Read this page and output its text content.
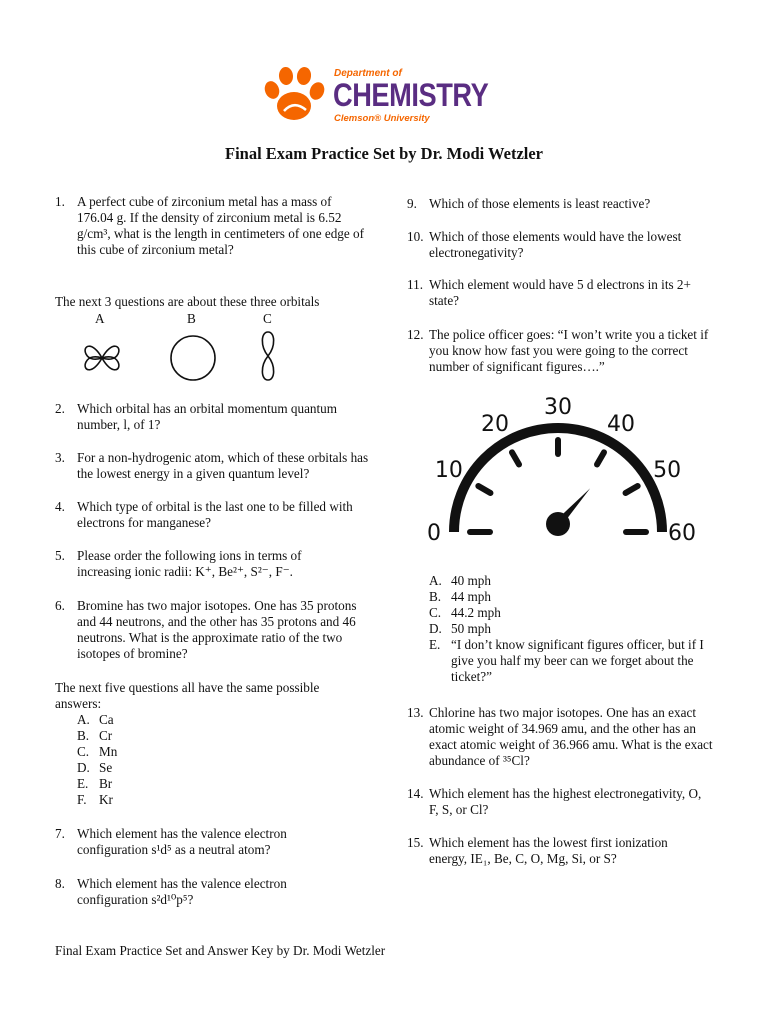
Department of
CHEMISTRY
Clemson® University
Final Exam Practice Set by Dr. Modi Wetzler
1. A perfect cube of zirconium metal has a mass of 176.04 g. If the density of zirconium metal is 6.52 g/cm³, what is the length in centimeters of one edge of this cube of zirconium metal?
The next 3 questions are about these three orbitals
A	B	C
2. Which orbital has an orbital momentum quantum number, l, of 1?
3. For a non-hydrogenic atom, which of these orbitals has the lowest energy in a given quantum level?
4. Which type of orbital is the last one to be filled with electrons for manganese?
5. Please order the following ions in terms of increasing ionic radii: K⁺, Be²⁺, S²⁻, F⁻.
6. Bromine has two major isotopes. One has 35 protons and 44 neutrons, and the other has 35 protons and 46 neutrons. What is the approximate ratio of the two isotopes of bromine?
The next five questions all have the same possible answers:
A. Ca
B. Cr
C. Mn
D. Se
E. Br
F. Kr
7. Which element has the valence electron configuration s¹d⁵ as a neutral atom?
8. Which element has the valence electron configuration s²d¹⁰p⁵?
9. Which of those elements is least reactive?
10. Which of those elements would have the lowest electronegativity?
11. Which element would have 5 d electrons in its 2+ state?
12. The police officer goes: “I won’t write you a ticket if you know how fast you were going to the correct number of significant figures….”
0
10
20
30
40
50
60
A. 40 mph
B. 44 mph
C. 44.2 mph
D. 50 mph
E. “I don’t know significant figures officer, but if I give you half my beer can we forget about the ticket?”
13. Chlorine has two major isotopes. One has an exact atomic weight of 34.969 amu, and the other has an exact atomic weight of 36.966 amu. What is the exact abundance of ³⁵Cl?
14. Which element has the highest electronegativity, O, F, S, or Cl?
15. Which element has the lowest first ionization energy, IE₁, Be, C, O, Mg, Si, or S?
Final Exam Practice Set and Answer Key by Dr. Modi Wetzler
